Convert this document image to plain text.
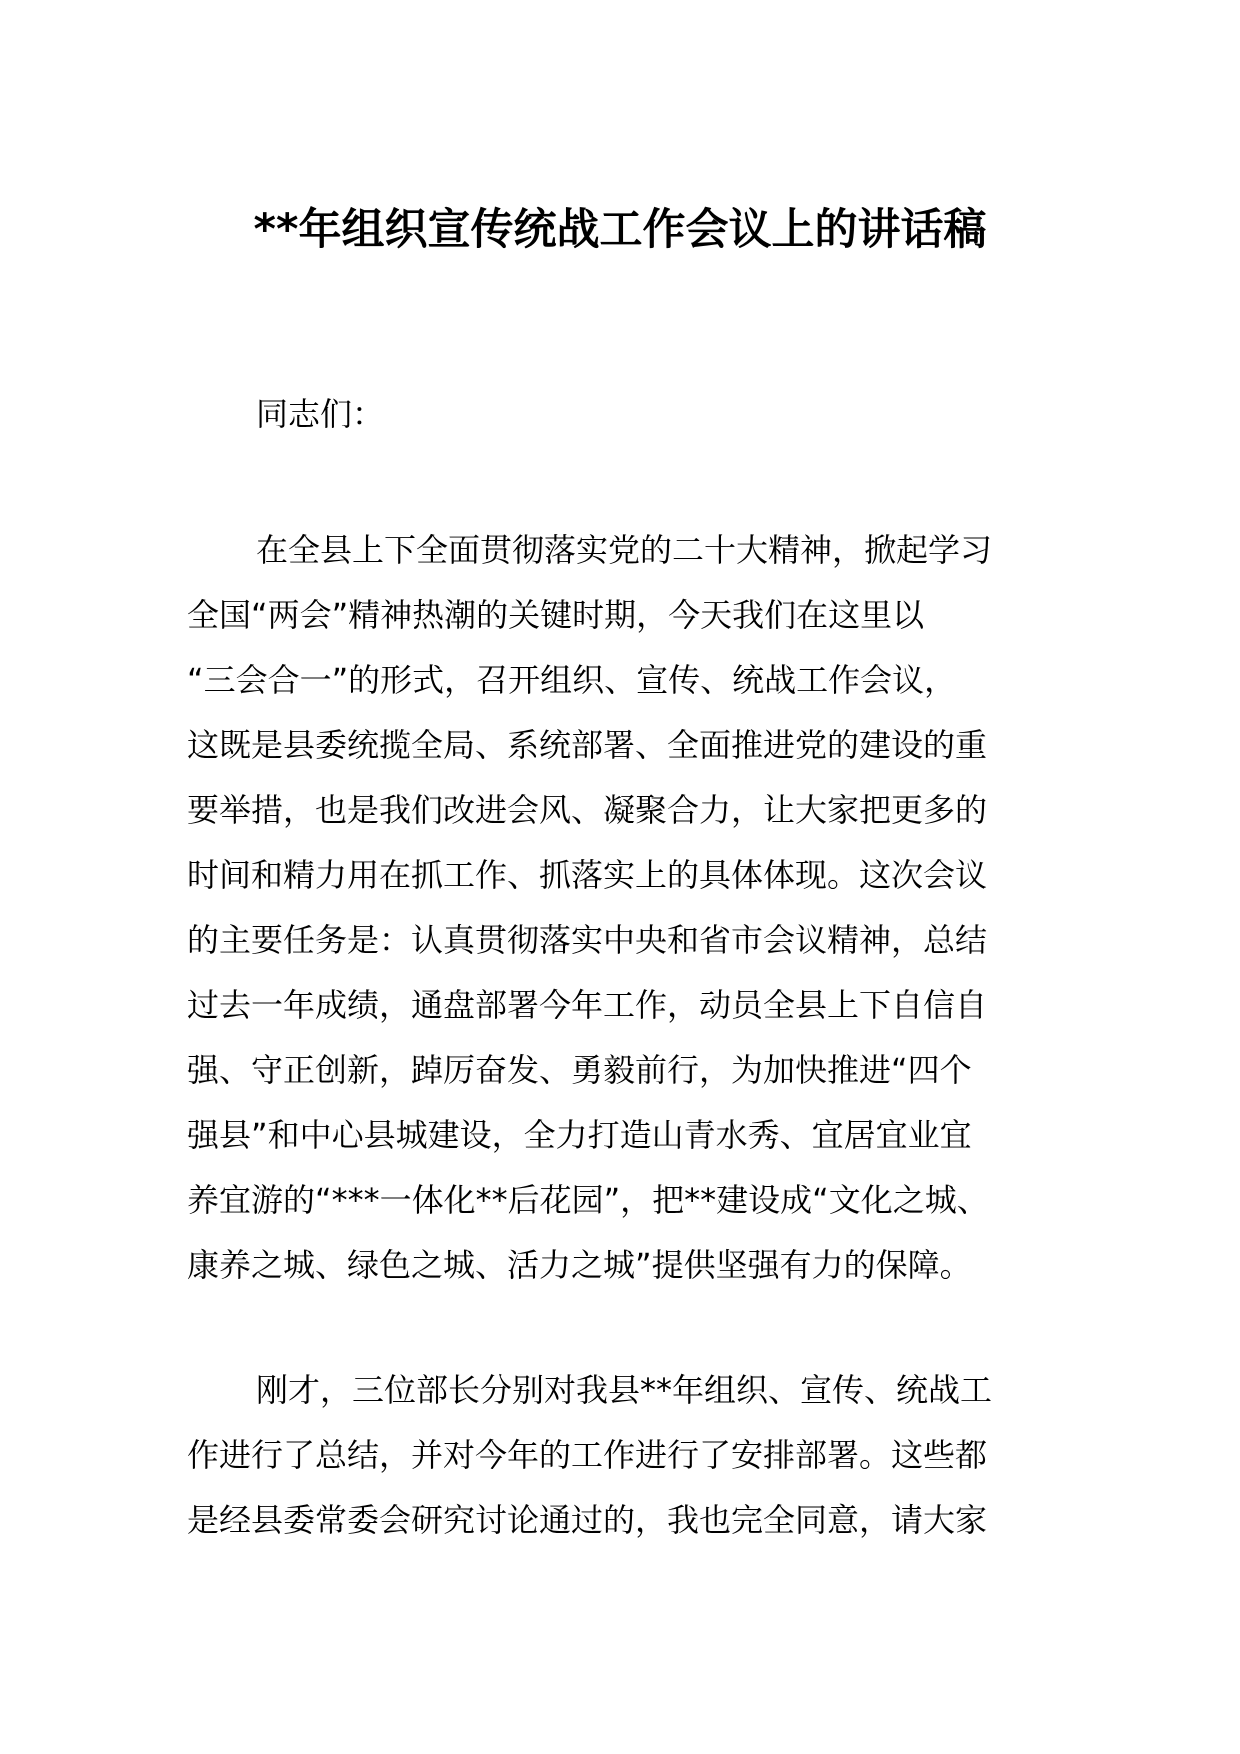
**年组织宣传统战工作会议上的讲话稿
同志们：
在全县上下全面贯彻落实党的二十大精神，掀起学习
全国“两会”精神热潮的关键时期，今天我们在这里以
“三会合一”的形式，召开组织、宣传、统战工作会议，
这既是县委统揽全局、系统部署、全面推进党的建设的重
要举措，也是我们改进会风、凝聚合力，让大家把更多的
时间和精力用在抓工作、抓落实上的具体体现。这次会议
的主要任务是：认真贯彻落实中央和省市会议精神，总结
过去一年成绩，通盘部署今年工作，动员全县上下自信自
强、守正创新，踔厉奋发、勇毅前行，为加快推进“四个
强县”和中心县城建设，全力打造山青水秀、宜居宜业宜
养宜游的“***一体化**后花园”，把**建设成“文化之城、
康养之城、绿色之城、活力之城”提供坚强有力的保障。
刚才，三位部长分别对我县**年组织、宣传、统战工
作进行了总结，并对今年的工作进行了安排部署。这些都
是经县委常委会研究讨论通过的，我也完全同意，请大家
